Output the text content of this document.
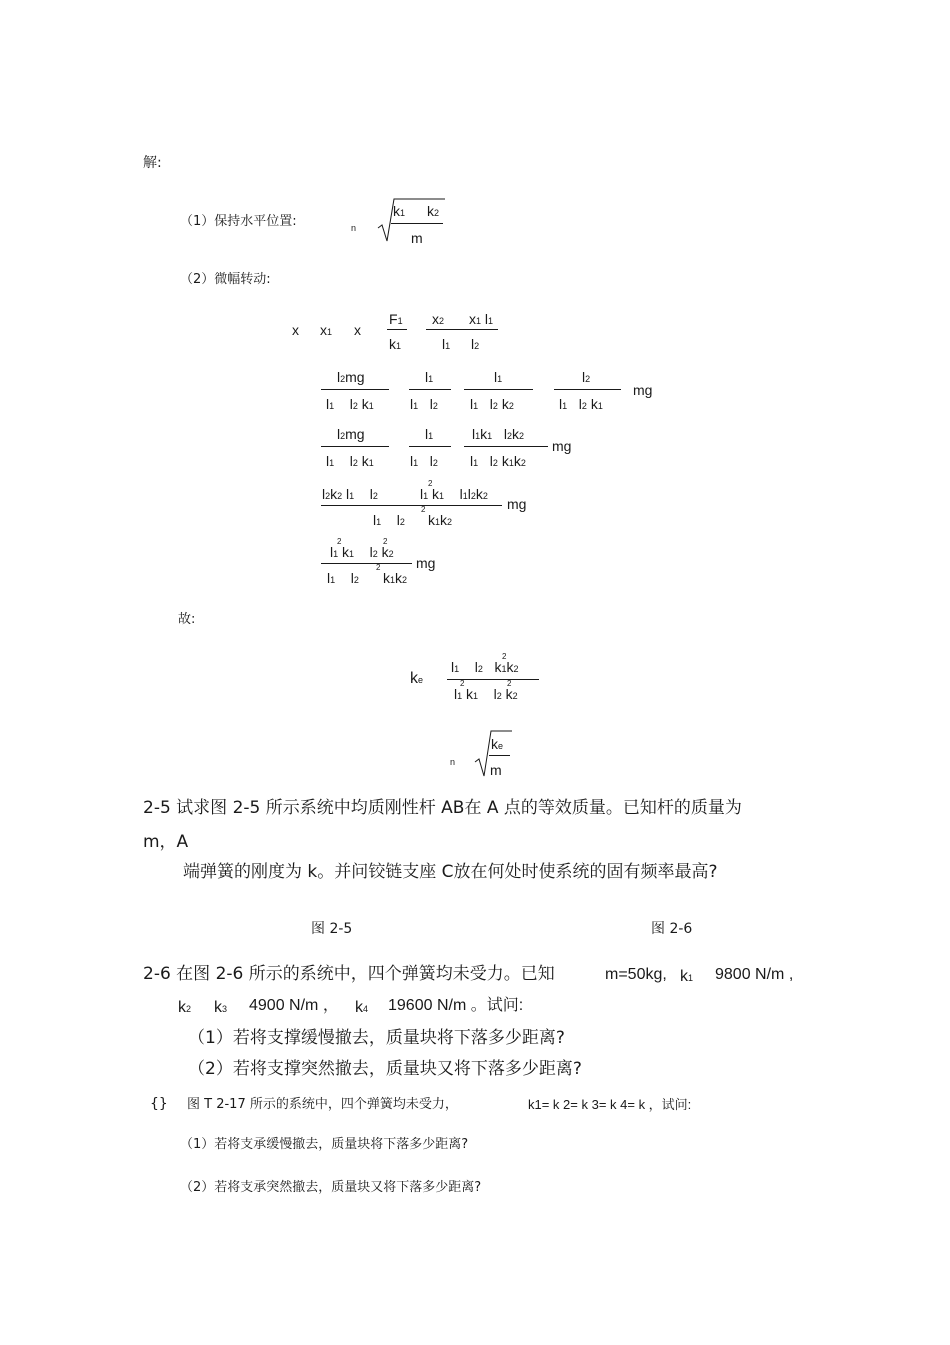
解:
（1）保持水平位置:	n
k1 k2
m
（2）微幅转动:
x x1 x
F1
k1
x2 x1 l1
l1 l2
l2mg
l1    l2 k1
l1
l1   l2
l1
l1   l2 k2
l2
l1   l2 k1
mg
l2mg
l1    l2 k1
l1
l1   l2
l1k1   l2k2
l1   l2 k1k2
mg
l2k2 l1    l2
2
l1 k1    l1l2k2
l1    l2
2
k1k2
mg
2	2
l1 k1    l2 k2
l1    l2
2
k1k2
mg
故:
ke
2
l1    l2   k1k2
2	2
l1 k1    l2 k2
n
ke
m
2-5 试求图 2-5 所示系统中均质刚性杆 AB在 A 点的等效质量。已知杆的质量为
m，A
端弹簧的刚度为 k。并问铰链支座 C放在何处时使系统的固有频率最高?
图 2-5	图 2-6
2-6 在图 2-6 所示的系统中，四个弹簧均未受力。已知	m=50kg, k1 9800 N/m ,
k2 k3 4900 N/m ， k4 19600 N/m 。试问:
（1）若将支撑缓慢撤去，质量块将下落多少距离?
（2）若将支撑突然撤去，质量块又将下落多少距离?
{} 图 T 2-17 所示的系统中，四个弹簧均未受力，	k1= k 2= k 3= k 4= k ，试问:
（1）若将支承缓慢撤去，质量块将下落多少距离?
（2）若将支承突然撤去，质量块又将下落多少距离?
